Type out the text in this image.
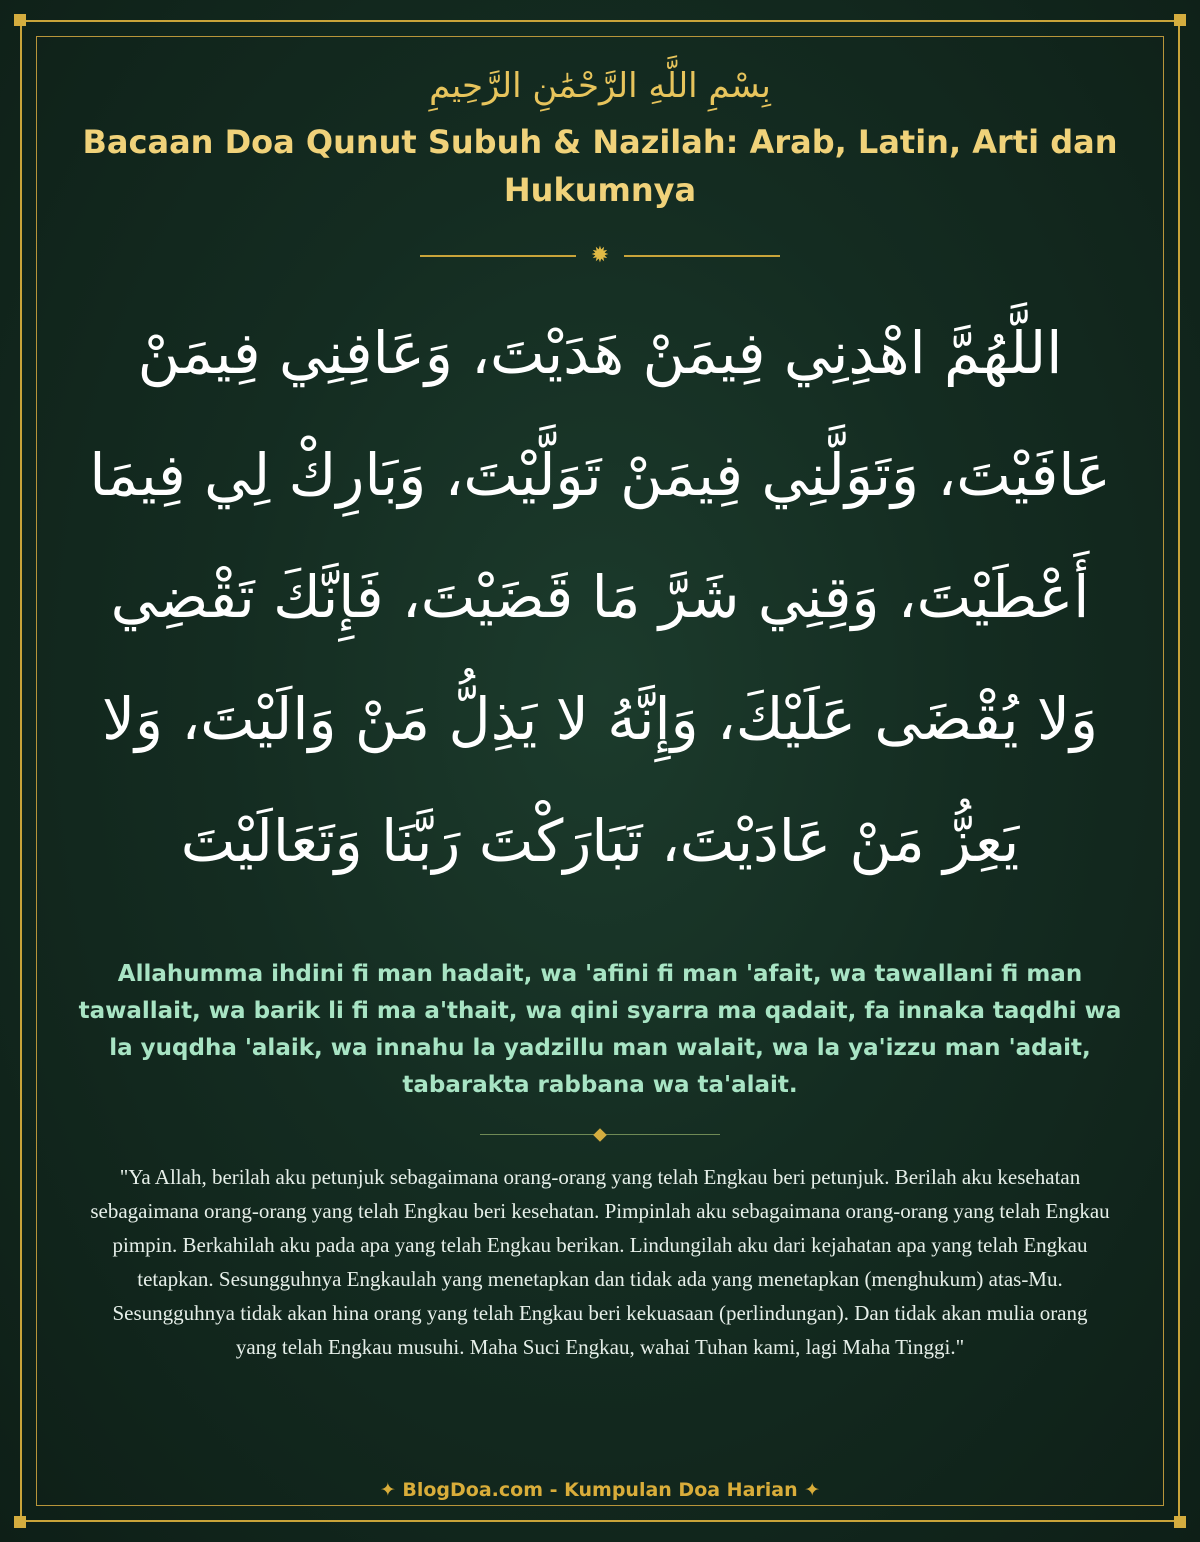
بِسْمِ اللَّهِ الرَّحْمَٰنِ الرَّحِيمِ
Bacaan Doa Qunut Subuh & Nazilah: Arab, Latin, Arti dan Hukumnya
✹
اللَّهُمَّ اهْدِنِي فِيمَنْ هَدَيْتَ، وَعَافِنِي فِيمَنْ عَافَيْتَ، وَتَوَلَّنِي فِيمَنْ تَوَلَّيْتَ، وَبَارِكْ لِي فِيمَا أَعْطَيْتَ، وَقِنِي شَرَّ مَا قَضَيْتَ، فَإِنَّكَ تَقْضِي وَلا يُقْضَى عَلَيْكَ، وَإِنَّهُ لا يَذِلُّ مَنْ وَالَيْتَ، وَلا يَعِزُّ مَنْ عَادَيْتَ، تَبَارَكْتَ رَبَّنَا وَتَعَالَيْتَ
Allahumma ihdini fi man hadait, wa 'afini fi man 'afait, wa tawallani fi man tawallait, wa barik li fi ma a'thait, wa qini syarra ma qadait, fa innaka taqdhi wa la yuqdha 'alaik, wa innahu la yadzillu man walait, wa la ya'izzu man 'adait, tabarakta rabbana wa ta'alait.
"Ya Allah, berilah aku petunjuk sebagaimana orang-orang yang telah Engkau beri petunjuk. Berilah aku kesehatan sebagaimana orang-orang yang telah Engkau beri kesehatan. Pimpinlah aku sebagaimana orang-orang yang telah Engkau pimpin. Berkahilah aku pada apa yang telah Engkau berikan. Lindungilah aku dari kejahatan apa yang telah Engkau tetapkan. Sesungguhnya Engkaulah yang menetapkan dan tidak ada yang menetapkan (menghukum) atas-Mu. Sesungguhnya tidak akan hina orang yang telah Engkau beri kekuasaan (perlindungan). Dan tidak akan mulia orang yang telah Engkau musuhi. Maha Suci Engkau, wahai Tuhan kami, lagi Maha Tinggi."
✦ BlogDoa.com - Kumpulan Doa Harian ✦
